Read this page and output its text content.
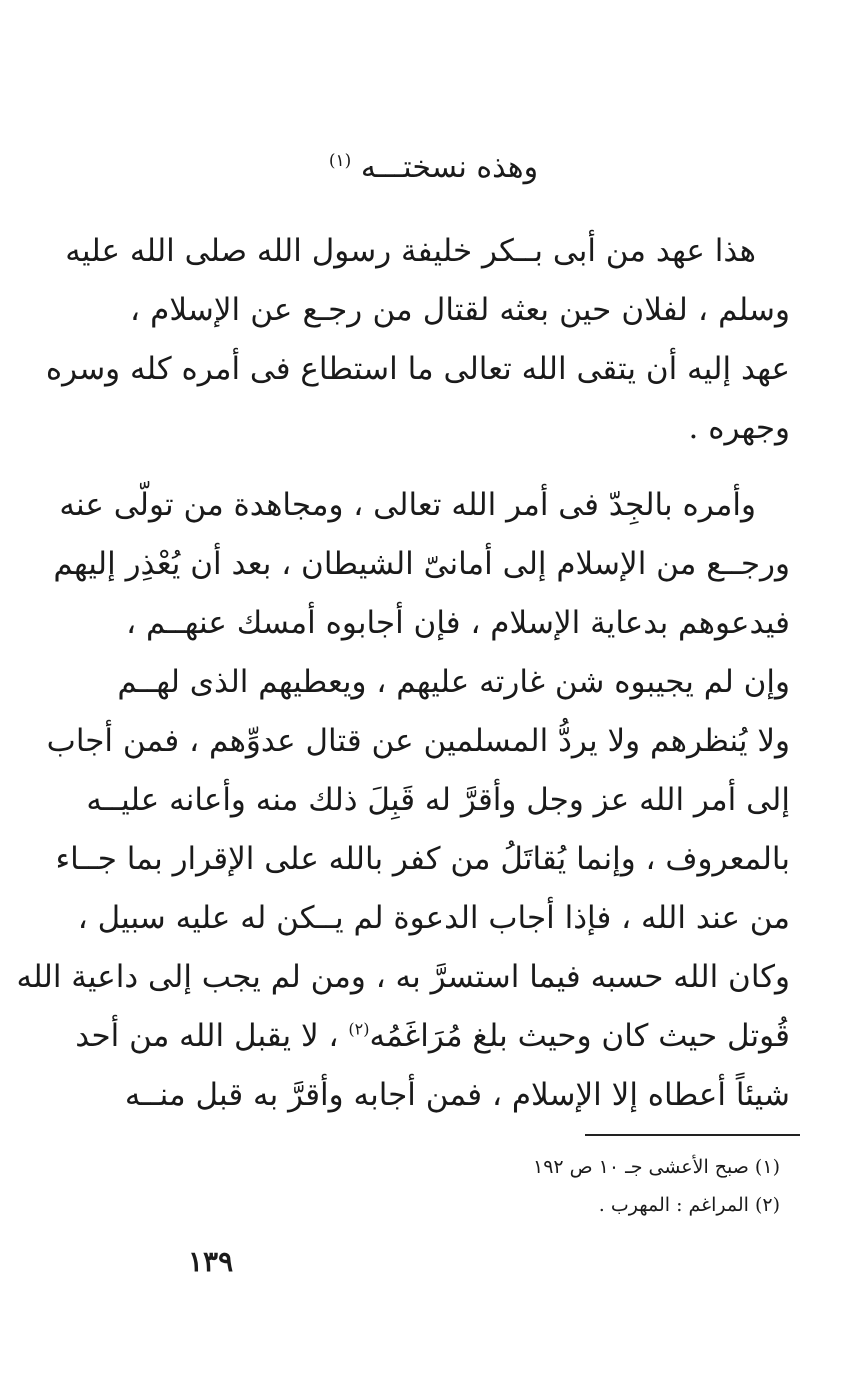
وهذه نسختـــه $^{(١)}$
هذا عهد من أبى بــكر خليفة رسول الله صلى الله عليه
وسلم ، لفلان حين بعثه لقتال من رجـع عن الإسلام ،
عهد إليه أن يتقى الله تعالى ما استطاع فى أمره كله وسره
وجهره .
وأمره بالجِدّ فى أمر الله تعالى ، ومجاهدة من تولّى عنه
ورجــع من الإسلام إلى أمانىّ الشيطان ، بعد أن يُعْذِر إليهم
فيدعوهم بدعاية الإسلام ، فإن أجابوه أمسك عنهــم ،
وإن لم يجيبوه شن غارته عليهم ، ويعطيهم الذى لهــم
ولا يُنظرهم ولا يردُّ المسلمين عن قتال عدوِّهم ، فمن أجاب
إلى أمر الله عز وجل وأقرَّ له قَبِلَ ذلك منه وأعانه عليــه
بالمعروف ، وإنما يُقاتَلُ من كفر بالله على الإقرار بما جــاء
من عند الله ، فإذا أجاب الدعوة لم يــكن له عليه سبيل ،
وكان الله حسبه فيما استسرَّ به ، ومن لم يجب إلى داعية الله
قُوتل حيث كان وحيث بلغ مُرَاغَمُه$^{(٢)}$ ، لا يقبل الله من أحد
شيئاً أعطاه إلا الإسلام ، فمن أجابه وأقرَّ به قبل منــه
(١) صبح الأعشى جـ ١٠ ص ١٩٢
(٢) المراغم : المهرب .
١٣٩
